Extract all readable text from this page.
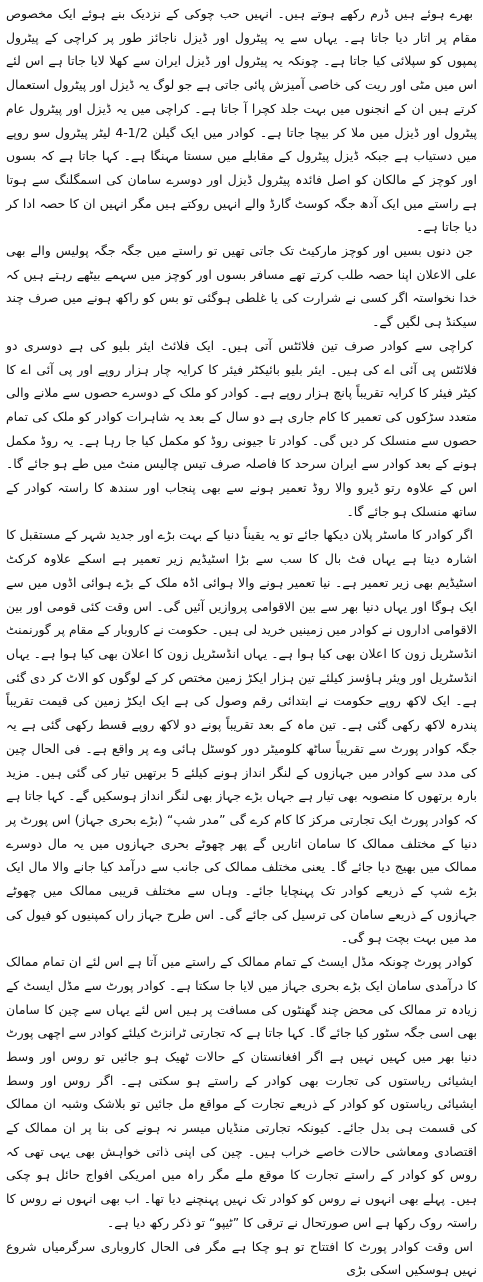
بھرے ہوئے ہیں ڈرم رکھے ہوتے ہیں۔ انہیں حب چوکی کے نزدیک بنے ہوئے ایک مخصوص مقام پر اتار دیا جاتا ہے۔ یہاں سے یہ پیٹرول اور ڈیزل ناجائز طور پر کراچی کے پیٹرول پمپوں کو سپلائی کیا جاتا ہے۔ چونکہ یہ پیٹرول اور ڈیزل ایران سے کھلا لایا جاتا ہے اس لئے اس میں مٹی اور ریت کی خاصی آمیزش پائی جاتی ہے جو لوگ یہ ڈیزل اور پیٹرول استعمال کرتے ہیں ان کے انجنوں میں بہت جلد کچرا آ جاتا ہے۔ کراچی میں یہ ڈیزل اور پیٹرول عام پیٹرول اور ڈیزل میں ملا کر بیچا جاتا ہے۔ کوادر میں ایک گیلن 1/2-4 لیٹر پیٹرول سو روپے میں دستیاب ہے جبکہ ڈیزل پیٹرول کے مقابلے میں سستا مہنگا ہے۔ کہا جاتا ہے کہ بسوں اور کوچز کے مالکان کو اصل فائدہ پیٹرول ڈیزل اور دوسرے سامان کی اسمگلنگ سے ہوتا ہے راستے میں ایک آدھ جگہ کوسٹ گارڈ والے انہیں روکتے ہیں مگر انہیں ان کا حصہ ادا کر دیا جاتا ہے۔

جن دنوں بسیں اور کوچز مارکیٹ تک جاتی تھیں تو راستے میں جگہ جگہ پولیس والے بھی علی الاعلان اپنا حصہ طلب کرتے تھے مسافر بسوں اور کوچز میں سہمے بیٹھے رہتے ہیں کہ خدا نخواستہ اگر کسی نے شرارت کی یا غلطی ہوگئی تو بس کو راکھ ہونے میں صرف چند سیکنڈ ہی لگیں گے۔

کراچی سے کوادر صرف تین فلائٹس آتی ہیں۔ ایک فلائٹ ایئر بلیو کی ہے دوسری دو فلائٹس پی آئی اے کی ہیں۔ ایئر بلیو بائیکٹر فیئر کا کرایہ چار ہزار روپے اور پی آئی اے کا کیٹر فیئر کا کرایہ تقریباً پانچ ہزار روپے ہے۔ کوادر کو ملک کے دوسرے حصوں سے ملانے والی متعدد سڑکوں کی تعمیر کا کام جاری ہے دو سال کے بعد یہ شاہرات کوادر کو ملک کی تمام حصوں سے منسلک کر دیں گی۔ کوادر تا جیونی روڈ کو مکمل کیا جا رہا ہے۔ یہ روڈ مکمل ہونے کے بعد کوادر سے ایران سرحد کا فاصلہ صرف تیس چالیس منٹ میں طے ہو جائے گا۔ اس کے علاوہ رتو ڈیرو والا روڈ تعمیر ہونے سے بھی پنجاب اور سندھ کا راستہ کوادر کے ساتھ منسلک ہو جائے گا۔

اگر کوادر کا ماسٹر پلان دیکھا جائے تو یہ یقیناً دنیا کے بہت بڑے اور جدید شہر کے مستقبل کا اشارہ دیتا ہے یہاں فٹ بال کا سب سے بڑا اسٹیڈیم زیر تعمیر ہے اسکے علاوہ کرکٹ اسٹیڈیم بھی زیر تعمیر ہے۔ نیا تعمیر ہونے والا ہوائی اڈہ ملک کے بڑے ہوائی اڈوں میں سے ایک ہوگا اور یہاں دنیا بھر سے بین الاقوامی پروازیں آئیں گی۔ اس وقت کئی قومی اور بین الاقوامی اداروں نے کوادر میں زمینیں خرید لی ہیں۔ حکومت نے کاروبار کے مقام پر گورنمنٹ انڈسٹریل زون کا اعلان بھی کیا ہوا ہے۔ یہاں انڈسٹریل زون کا اعلان بھی کیا ہوا ہے۔ یہاں انڈسٹریل اور ویئر ہاؤسز کیلئے تین ہزار ایکڑ زمین مختص کر کے لوگوں کو الاٹ کر دی گئی ہے۔ ایک لاکھ روپے حکومت نے ابتدائی رقم وصول کی ہے ایک ایکڑ زمین کی قیمت تقریباً پندرہ لاکھ رکھی گئی ہے۔ تین ماہ کے بعد تقریباً پونے دو لاکھ روپے قسط رکھی گئی ہے یہ جگہ کوادر پورٹ سے تقریباً ساٹھ کلومیٹر دور کوسٹل ہائی وے پر واقع ہے۔ فی الحال چین کی مدد سے کوادر میں جہازوں کے لنگر انداز ہونے کیلئے 5 برتھیں تیار کی گئی ہیں۔ مزید بارہ برتھوں کا منصوبہ بھی تیار ہے جہاں بڑے جہاز بھی لنگر انداز ہوسکیں گے۔ کہا جاتا ہے کہ کوادر پورٹ ایک تجارتی مرکز کا کام کرے گی ”مدر شپ“ (بڑے بحری جہاز) اس پورٹ پر دنیا کے مختلف ممالک کا سامان اتاریں گے پھر چھوٹے بحری جہازوں میں یہ مال دوسرے ممالک میں بھیج دیا جائے گا۔ یعنی مختلف ممالک کی جانب سے درآمد کیا جانے والا مال ایک بڑے شپ کے ذریعے کوادر تک پہنچایا جائے۔ وہاں سے مختلف قریبی ممالک میں چھوٹے جہازوں کے ذریعے سامان کی ترسیل کی جائے گی۔ اس طرح جہاز راں کمپنیوں کو فیول کی مد میں بہت بچت ہو گی۔

کوادر پورٹ چونکہ مڈل ایسٹ کے تمام ممالک کے راستے میں آتا ہے اس لئے ان تمام ممالک کا درآمدی سامان ایک بڑے بحری جہاز میں لایا جا سکتا ہے۔ کوادر پورٹ سے مڈل ایسٹ کے زیادہ تر ممالک کی محض چند گھنٹوں کی مسافت پر ہیں اس لئے یہاں سے چین کا سامان بھی اسی جگہ سٹور کیا جائے گا۔ کہا جاتا ہے کہ تجارتی ٹرانزٹ کیلئے کوادر سے اچھی پورٹ دنیا بھر میں کہیں نہیں ہے اگر افغانستان کے حالات ٹھیک ہو جائیں تو روس اور وسط ایشیائی ریاستوں کی تجارت بھی کوادر کے راستے ہو سکتی ہے۔ اگر روس اور وسط ایشیائی ریاستوں کو کوادر کے ذریعے تجارت کے مواقع مل جائیں تو بلاشک وشبہ ان ممالک کی قسمت ہی بدل جائے۔ کیونکہ تجارتی منڈیاں میسر نہ ہونے کی بنا پر ان ممالک کے اقتصادی ومعاشی حالات خاصے خراب ہیں۔ چین کی اپنی ذاتی خواہش بھی یہی تھی کہ روس کو کوادر کے راستے تجارت کا موقع ملے مگر راہ میں امریکی افواج حائل ہو چکی ہیں۔ پہلے بھی انہوں نے روس کو کوادر تک نہیں پہنچنے دیا تھا۔ اب بھی انہوں نے روس کا راستہ روک رکھا ہے اس صورتحال نے ترقی کا ”ٹیپو“ تو ذکر رکھ دیا ہے۔

اس وقت کوادر پورٹ کا افتتاح تو ہو چکا ہے مگر فی الحال کاروباری سرگرمیاں شروع نہیں ہوسکیں اسکی بڑی
